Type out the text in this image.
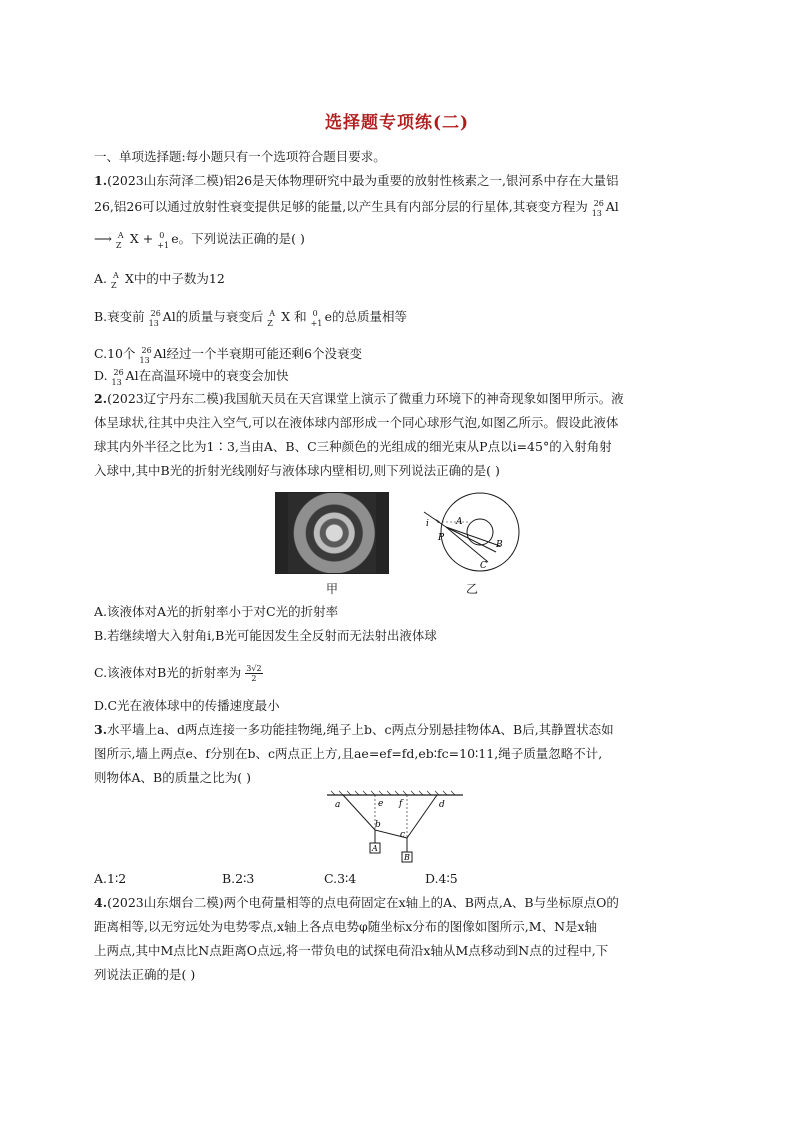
选择题专项练(二)
一、单项选择题:每小题只有一个选项符合题目要求。
1.(2023山东菏泽二模)铝26是天体物理研究中最为重要的放射性核素之一,银河系中存在大量铝
26,铝26可以通过放射性衰变提供足够的能量,以产生具有内部分层的行星体,其衰变方程为 26
13 Al
⟶ A
Z X + 0
+1 e。下列说法正确的是( )
A. A
Z X中的中子数为12
B.衰变前 26
13 Al的质量与衰变后 A
Z X 和 0
+1 e的总质量相等
C.10个 26
13 Al经过一个半衰期可能还剩6个没衰变
D. 26
13 Al在高温环境中的衰变会加快
2.(2023辽宁丹东二模)我国航天员在天宫课堂上演示了微重力环境下的神奇现象如图甲所示。液
体呈球状,往其中央注入空气,可以在液体球内部形成一个同心球形气泡,如图乙所示。假设此液体
球其内外半径之比为1∶3,当由A、B、C三种颜色的光组成的细光束从P点以i=45°的入射角射
入球中,其中B光的折射光线刚好与液体球内壁相切,则下列说法正确的是( )
甲
i
P
A
B
C
乙
A.该液体对A光的折射率小于对C光的折射率
B.若继续增大入射角i,B光可能因发生全反射而无法射出液体球
C.该液体对B光的折射率为 $\frac{3√2}{2}$
D.C光在液体球中的传播速度最小
3.水平墙上a、d两点连接一多功能挂物绳,绳子上b、c两点分别悬挂物体A、B后,其静置状态如
图所示,墙上两点e、f分别在b、c两点正上方,且ae=ef=fd,eb∶fc=10∶11,绳子质量忽略不计,
则物体A、B的质量之比为( )
a	e f	d
b
c
A
B
A.1∶2	B.2∶3	C.3∶4	D.4∶5
4.(2023山东烟台二模)两个电荷量相等的点电荷固定在x轴上的A、B两点,A、B与坐标原点O的
距离相等,以无穷远处为电势零点,x轴上各点电势φ随坐标x分布的图像如图所示,M、N是x轴
上两点,其中M点比N点距离O点远,将一带负电的试探电荷沿x轴从M点移动到N点的过程中,下
列说法正确的是( )
